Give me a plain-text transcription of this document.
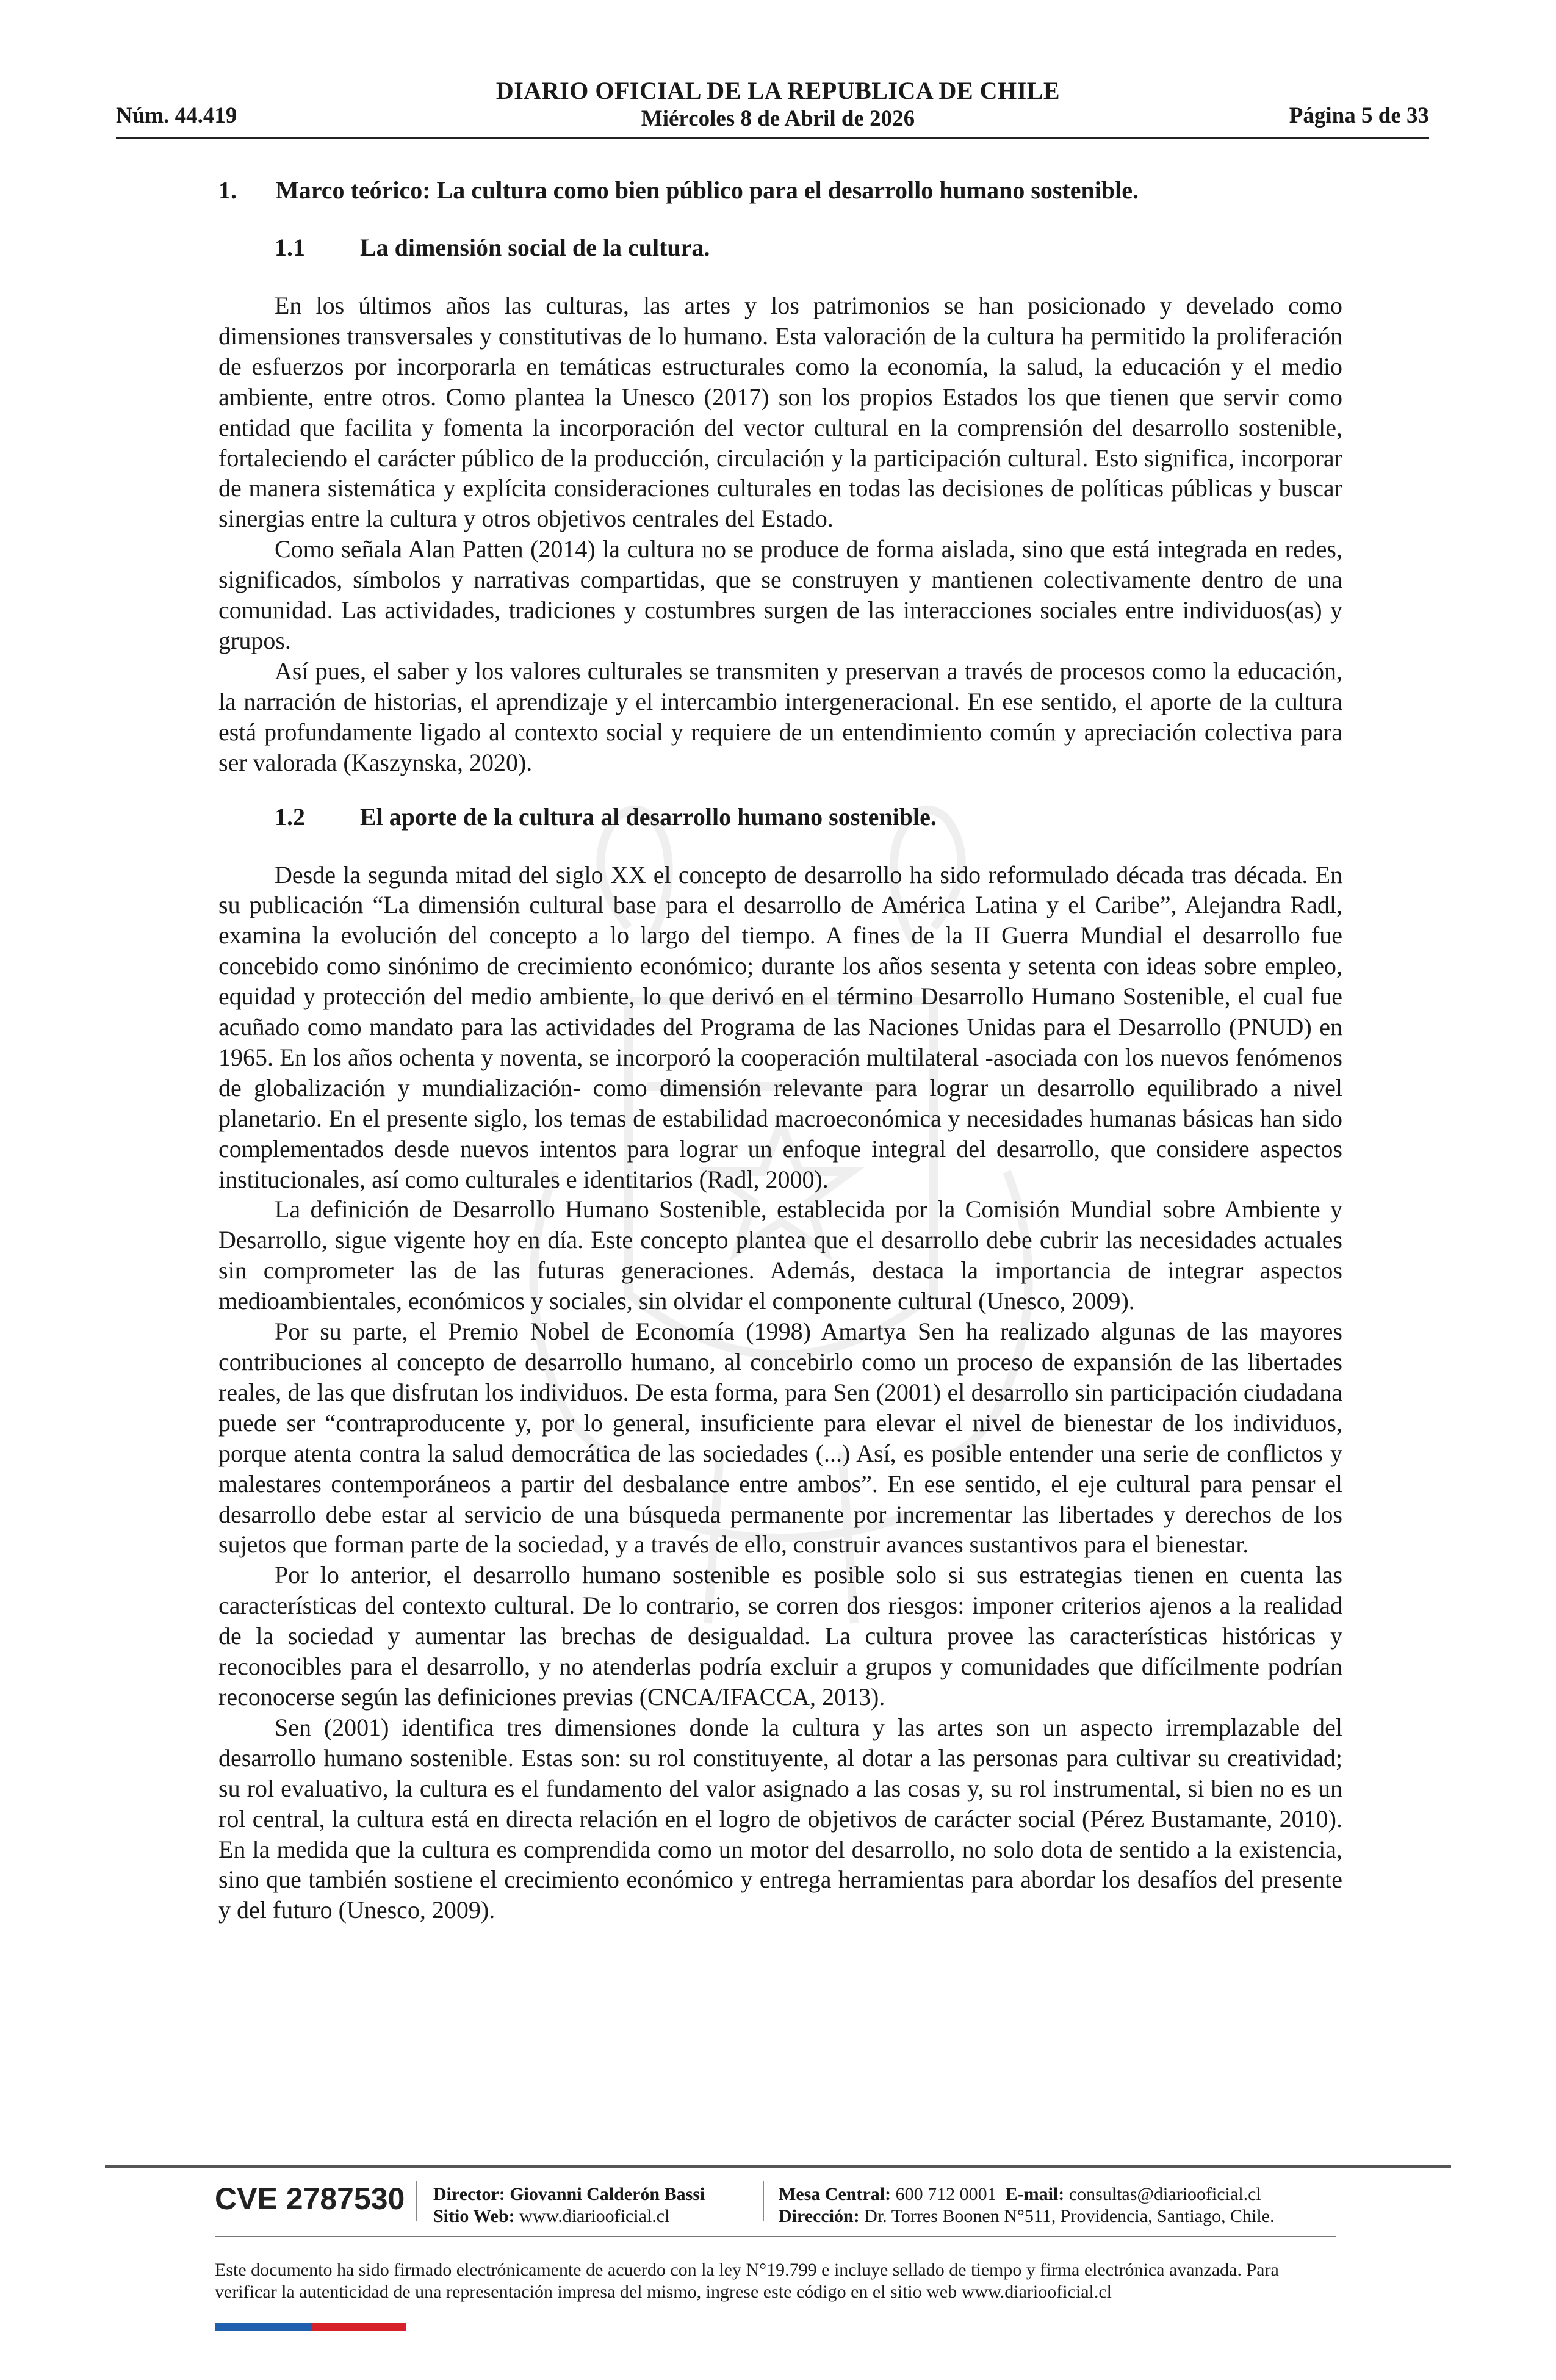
Núm. 44.419
DIARIO OFICIAL DE LA REPUBLICA DE CHILE
Miércoles 8 de Abril de 2026	Página 5 de 33
1. Marco teórico: La cultura como bien público para el desarrollo humano sostenible.
1.1 La dimensión social de la cultura.

En los últimos años las culturas, las artes y los patrimonios se han posicionado y develado como dimensiones transversales y constitutivas de lo humano. Esta valoración de la cultura ha permitido la proliferación de esfuerzos por incorporarla en temáticas estructurales como la economía, la salud, la educación y el medio ambiente, entre otros. Como plantea la Unesco (2017) son los propios Estados los que tienen que servir como entidad que facilita y fomenta la incorporación del vector cultural en la comprensión del desarrollo sostenible, fortaleciendo el carácter público de la producción, circulación y la participación cultural. Esto significa, incorporar de manera sistemática y explícita consideraciones culturales en todas las decisiones de políticas públicas y buscar sinergias entre la cultura y otros objetivos centrales del Estado.

Como señala Alan Patten (2014) la cultura no se produce de forma aislada, sino que está integrada en redes, significados, símbolos y narrativas compartidas, que se construyen y mantienen colectivamente dentro de una comunidad. Las actividades, tradiciones y costumbres surgen de las interacciones sociales entre individuos(as) y grupos.

Así pues, el saber y los valores culturales se transmiten y preservan a través de procesos como la educación, la narración de historias, el aprendizaje y el intercambio intergeneracional. En ese sentido, el aporte de la cultura está profundamente ligado al contexto social y requiere de un entendimiento común y apreciación colectiva para ser valorada (Kaszynska, 2020).

1.2 El aporte de la cultura al desarrollo humano sostenible.

Desde la segunda mitad del siglo XX el concepto de desarrollo ha sido reformulado década tras década. En su publicación “La dimensión cultural base para el desarrollo de América Latina y el Caribe”, Alejandra Radl, examina la evolución del concepto a lo largo del tiempo. A fines de la II Guerra Mundial el desarrollo fue concebido como sinónimo de crecimiento económico; durante los años sesenta y setenta con ideas sobre empleo, equidad y protección del medio ambiente, lo que derivó en el término Desarrollo Humano Sostenible, el cual fue acuñado como mandato para las actividades del Programa de las Naciones Unidas para el Desarrollo (PNUD) en 1965. En los años ochenta y noventa, se incorporó la cooperación multilateral -asociada con los nuevos fenómenos de globalización y mundialización- como dimensión relevante para lograr un desarrollo equilibrado a nivel planetario. En el presente siglo, los temas de estabilidad macroeconómica y necesidades humanas básicas han sido complementados desde nuevos intentos para lograr un enfoque integral del desarrollo, que considere aspectos institucionales, así como culturales e identitarios (Radl, 2000).

La definición de Desarrollo Humano Sostenible, establecida por la Comisión Mundial sobre Ambiente y Desarrollo, sigue vigente hoy en día. Este concepto plantea que el desarrollo debe cubrir las necesidades actuales sin comprometer las de las futuras generaciones. Además, destaca la importancia de integrar aspectos medioambientales, económicos y sociales, sin olvidar el componente cultural (Unesco, 2009).

Por su parte, el Premio Nobel de Economía (1998) Amartya Sen ha realizado algunas de las mayores contribuciones al concepto de desarrollo humano, al concebirlo como un proceso de expansión de las libertades reales, de las que disfrutan los individuos. De esta forma, para Sen (2001) el desarrollo sin participación ciudadana puede ser “contraproducente y, por lo general, insuficiente para elevar el nivel de bienestar de los individuos, porque atenta contra la salud democrática de las sociedades (...) Así, es posible entender una serie de conflictos y malestares contemporáneos a partir del desbalance entre ambos”. En ese sentido, el eje cultural para pensar el desarrollo debe estar al servicio de una búsqueda permanente por incrementar las libertades y derechos de los sujetos que forman parte de la sociedad, y a través de ello, construir avances sustantivos para el bienestar.

Por lo anterior, el desarrollo humano sostenible es posible solo si sus estrategias tienen en cuenta las características del contexto cultural. De lo contrario, se corren dos riesgos: imponer criterios ajenos a la realidad de la sociedad y aumentar las brechas de desigualdad. La cultura provee las características históricas y reconocibles para el desarrollo, y no atenderlas podría excluir a grupos y comunidades que difícilmente podrían reconocerse según las definiciones previas (CNCA/IFACCA, 2013).

Sen (2001) identifica tres dimensiones donde la cultura y las artes son un aspecto irremplazable del desarrollo humano sostenible. Estas son: su rol constituyente, al dotar a las personas para cultivar su creatividad; su rol evaluativo, la cultura es el fundamento del valor asignado a las cosas y, su rol instrumental, si bien no es un rol central, la cultura está en directa relación en el logro de objetivos de carácter social (Pérez Bustamante, 2010). En la medida que la cultura es comprendida como un motor del desarrollo, no solo dota de sentido a la existencia, sino que también sostiene el crecimiento económico y entrega herramientas para abordar los desafíos del presente y del futuro (Unesco, 2009).

CVE 2787530 Director: Giovanni Calderón Bassi
Sitio Web: www.diariooficial.cl
Mesa Central: 600 712 0001 E-mail: consultas@diariooficial.cl
Dirección: Dr. Torres Boonen N°511, Providencia, Santiago, Chile.
Este documento ha sido firmado electrónicamente de acuerdo con la ley N°19.799 e incluye sellado de tiempo y firma electrónica avanzada. Para verificar la autenticidad de una representación impresa del mismo, ingrese este código en el sitio web www.diariooficial.cl
